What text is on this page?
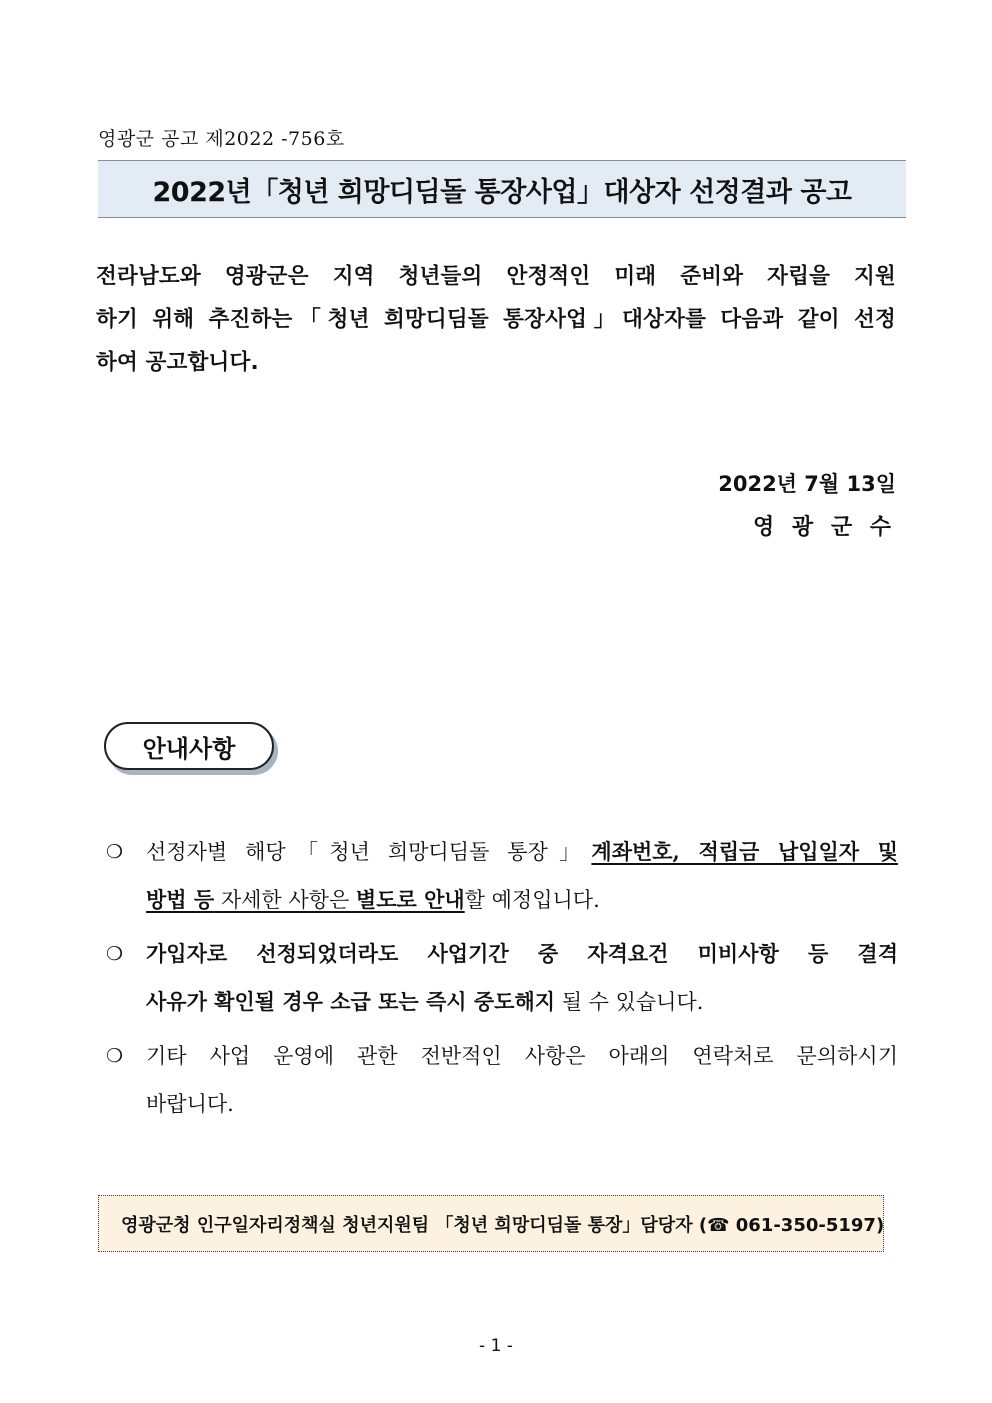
영광군 공고 제2022 -756호
2022년「청년 희망디딤돌 통장사업」대상자 선정결과 공고
전라남도와 영광군은 지역 청년들의 안정적인 미래 준비와 자립을 지원
하기 위해 추진하는「청년 희망디딤돌 통장사업」대상자를 다음과 같이 선정
하여 공고합니다.
2022년 7월 13일
영 광 군 수
안내사항
❍ 선정자별 해당「청년 희망디딤돌 통장」계좌번호, 적립금 납입일자 및
방법 등 자세한 사항은 별도로 안내할 예정입니다.
❍ 가입자로 선정되었더라도 사업기간 중 자격요건 미비사항 등 결격
사유가 확인될 경우 소급 또는 즉시 중도해지 될 수 있습니다.
❍ 기타 사업 운영에 관한 전반적인 사항은 아래의 연락처로 문의하시기
바랍니다.
영광군청 인구일자리정책실 청년지원팀 「청년 희망디딤돌 통장」담당자 (☎ 061-350-5197)
- 1 -
